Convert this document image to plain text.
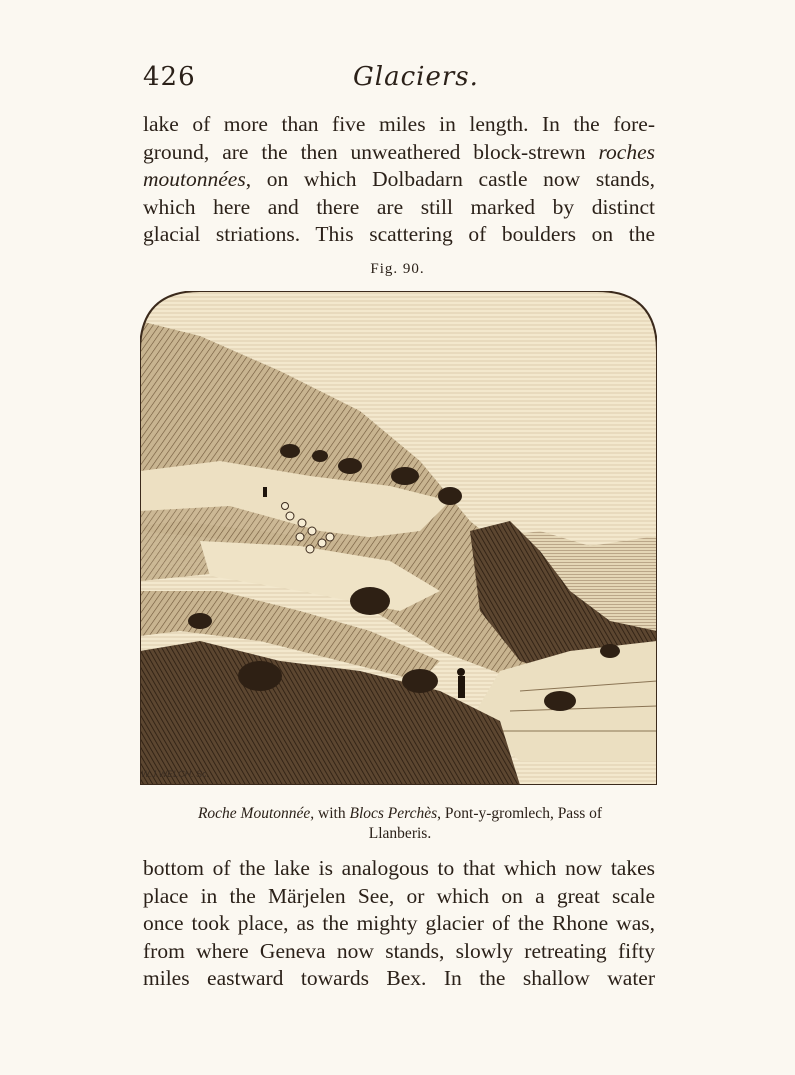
426	Glaciers.
lake of more than five miles in length. In the fore-
ground, are the then unweathered block-strewn roches
moutonnées, on which Dolbadarn castle now stands,
which here and there are still marked by distinct
glacial striations. This scattering of boulders on the
Fig. 90.
W.J.WELCH. Sc.
Roche Moutonnée, with Blocs Perchès, Pont-y-gromlech, Pass of
Llanberis.
bottom of the lake is analogous to that which now takes
place in the Märjelen See, or which on a great scale
once took place, as the mighty glacier of the Rhone was,
from where Geneva now stands, slowly retreating fifty
miles eastward towards Bex. In the shallow water
